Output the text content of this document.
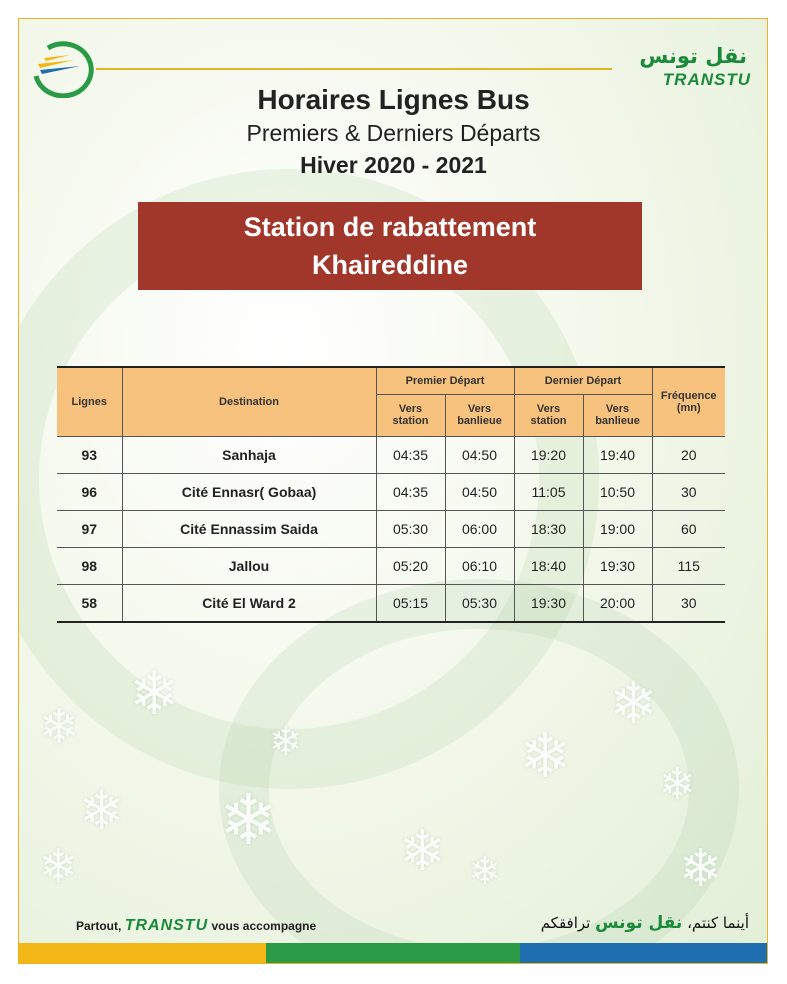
❄
❄
❄
❄
❄
❄
❄
❄
❄
❄
❄
❄
نقل تونس
TRANSTU
Horaires Lignes Bus
Premiers & Derniers Départs
Hiver 2020 - 2021
Station de rabattement
Khaireddine
Lignes	Destination	Premier Départ		Dernier Départ		Fréquence (mn)
		Vers station	Vers banlieue	Vers station	Vers banlieue	
93	Sanhaja	04:35	04:50	19:20	19:40	20
96	Cité Ennasr( Gobaa)	04:35	04:50	11:05	10:50	30
97	Cité Ennassim Saida	05:30	06:00	18:30	19:00	60
98	Jallou	05:20	06:10	18:40	19:30	115
58	Cité El Ward 2	05:15	05:30	19:30	20:00	30
Partout, TRANSTU vous accompagne	أينما كنتم، نقل تونس ترافقكم
